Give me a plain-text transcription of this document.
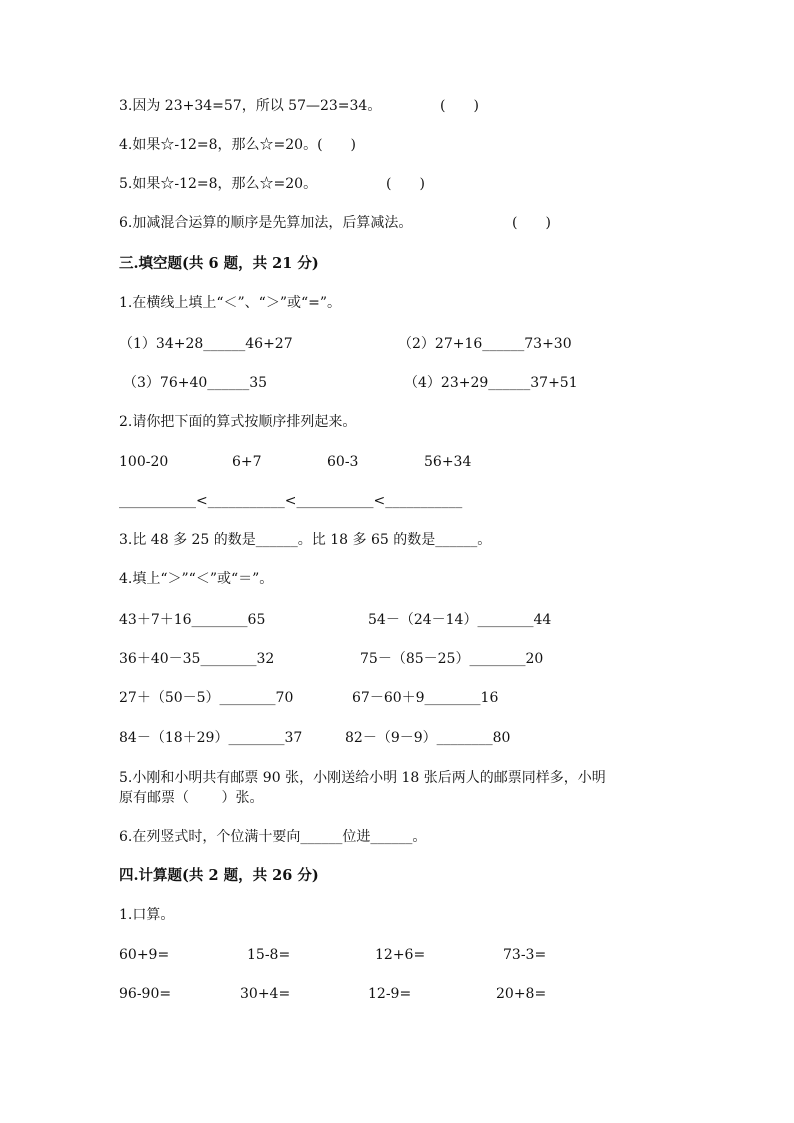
3.因为 23+34=57，所以 57—23=34。	(　　)
4.如果☆-12=8，那么☆=20。(　　)
5.如果☆-12=8，那么☆=20。	(　　)
6.加减混合运算的顺序是先算加法，后算减法。	(　　)
三.填空题(共 6 题，共 21 分)
1.在横线上填上“＜”、“＞”或“=”。
（1）34+28______46+27	（2）27+16______73+30
（3）76+40______35	（4）23+29______37+51
2.请你把下面的算式按顺序排列起来。
100-20	6+7	60-3	56+34
___________<___________<___________<___________
3.比 48 多 25 的数是______。比 18 多 65 的数是______。
4.填上“＞”“＜”或“＝”。
43＋7＋16________65	54－（24－14）________44
36＋40－35________32	75－（85－25）________20
27＋（50－5）________70	67－60＋9________16
84－（18＋29）________37	82－（9－9）________80
5.小刚和小明共有邮票 90 张，小刚送给小明 18 张后两人的邮票同样多，小明
原有邮票（　　 ）张。
6.在列竖式时，个位满十要向______位进______。
四.计算题(共 2 题，共 26 分)
1.口算。
60+9=	15-8=	12+6=	73-3=
96-90=	30+4=	12-9=	20+8=
